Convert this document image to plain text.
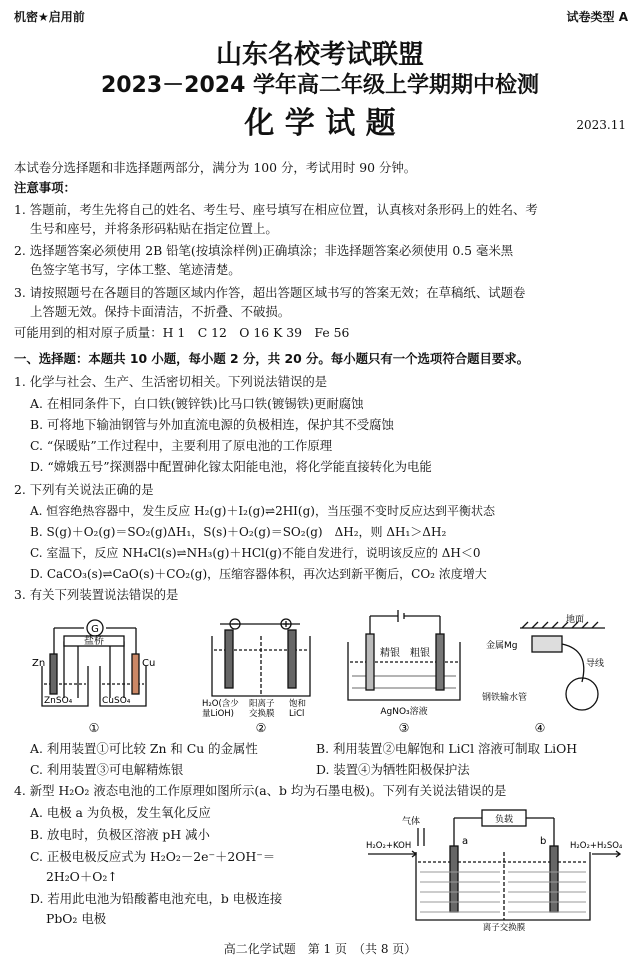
机密★启用前	试卷类型 A
山东名校考试联盟
2023－2024 学年高二年级上学期期中检测
化 学 试 题	2023.11
本试卷分选择题和非选择题两部分，满分为 100 分，考试用时 90 分钟。
注意事项：
1. 答题前，考生先将自己的姓名、考生号、座号填写在相应位置，认真核对条形码上的姓名、考
生号和座号，并将条形码粘贴在指定位置上。
2. 选择题答案必须使用 2B 铅笔(按填涂样例)正确填涂；非选择题答案必须使用 0.5 毫米黑
色签字笔书写，字体工整、笔迹清楚。
3. 请按照题号在各题目的答题区域内作答，超出答题区域书写的答案无效；在草稿纸、试题卷
上答题无效。保持卡面清洁，不折叠、不破损。
可能用到的相对原子质量：H 1　C 12　O 16 K 39　Fe 56
一、选择题：本题共 10 小题，每小题 2 分，共 20 分。每小题只有一个选项符合题目要求。
1. 化学与社会、生产、生活密切相关。下列说法错误的是
A. 在相同条件下，白口铁(镀锌铁)比马口铁(镀锡铁)更耐腐蚀
B. 可将地下输油钢管与外加直流电源的负极相连，保护其不受腐蚀
C. “保暖贴”工作过程中，主要利用了原电池的工作原理
D. “嫦娥五号”探测器中配置砷化镓太阳能电池，将化学能直接转化为电能
2. 下列有关说法正确的是
A. 恒容绝热容器中，发生反应 H₂(g)＋I₂(g)⇌2HI(g)，当压强不变时反应达到平衡状态
B. S(g)＋O₂(g)＝SO₂(g)ΔH₁，S(s)＋O₂(g)＝SO₂(g)　ΔH₂，则 ΔH₁＞ΔH₂
C. 室温下，反应 NH₄Cl(s)⇌NH₃(g)＋HCl(g)不能自发进行，说明该反应的 ΔH＜0
D. CaCO₃(s)⇌CaO(s)＋CO₂(g)，压缩容器体积，再次达到新平衡后，CO₂ 浓度增大
3. 有关下列装置说法错误的是
G
盐桥
Zn	Cu
ZnSO₄	CuSO₄
①
H₂O(含少
量LiOH)
阳离子
交换膜
饱和
LiCl
②
精银 粗银
AgNO₃溶液
③
金属Mg
地面
导线
钢铁输水管
④
A. 利用装置①可比较 Zn 和 Cu 的金属性	B. 利用装置②电解饱和 LiCl 溶液可制取 LiOH
C. 利用装置③可电解精炼银	D. 装置④为牺牲阳极保护法
4. 新型 H₂O₂ 液态电池的工作原理如图所示(a、b 均为石墨电极)。下列有关说法错误的是
A. 电极 a 为负极，发生氧化反应
B. 放电时，负极区溶液 pH 减小
C. 正极电极反应式为 H₂O₂－2e⁻＋2OH⁻＝
2H₂O＋O₂↑
D. 若用此电池为铅酸蓄电池充电，b 电极连接
PbO₂ 电极
气体	负载
H₂O₂+KOH	H₂O₂+H₂SO₄
a	b
离子交换膜
高二化学试题　第 1 页　（共 8 页）
